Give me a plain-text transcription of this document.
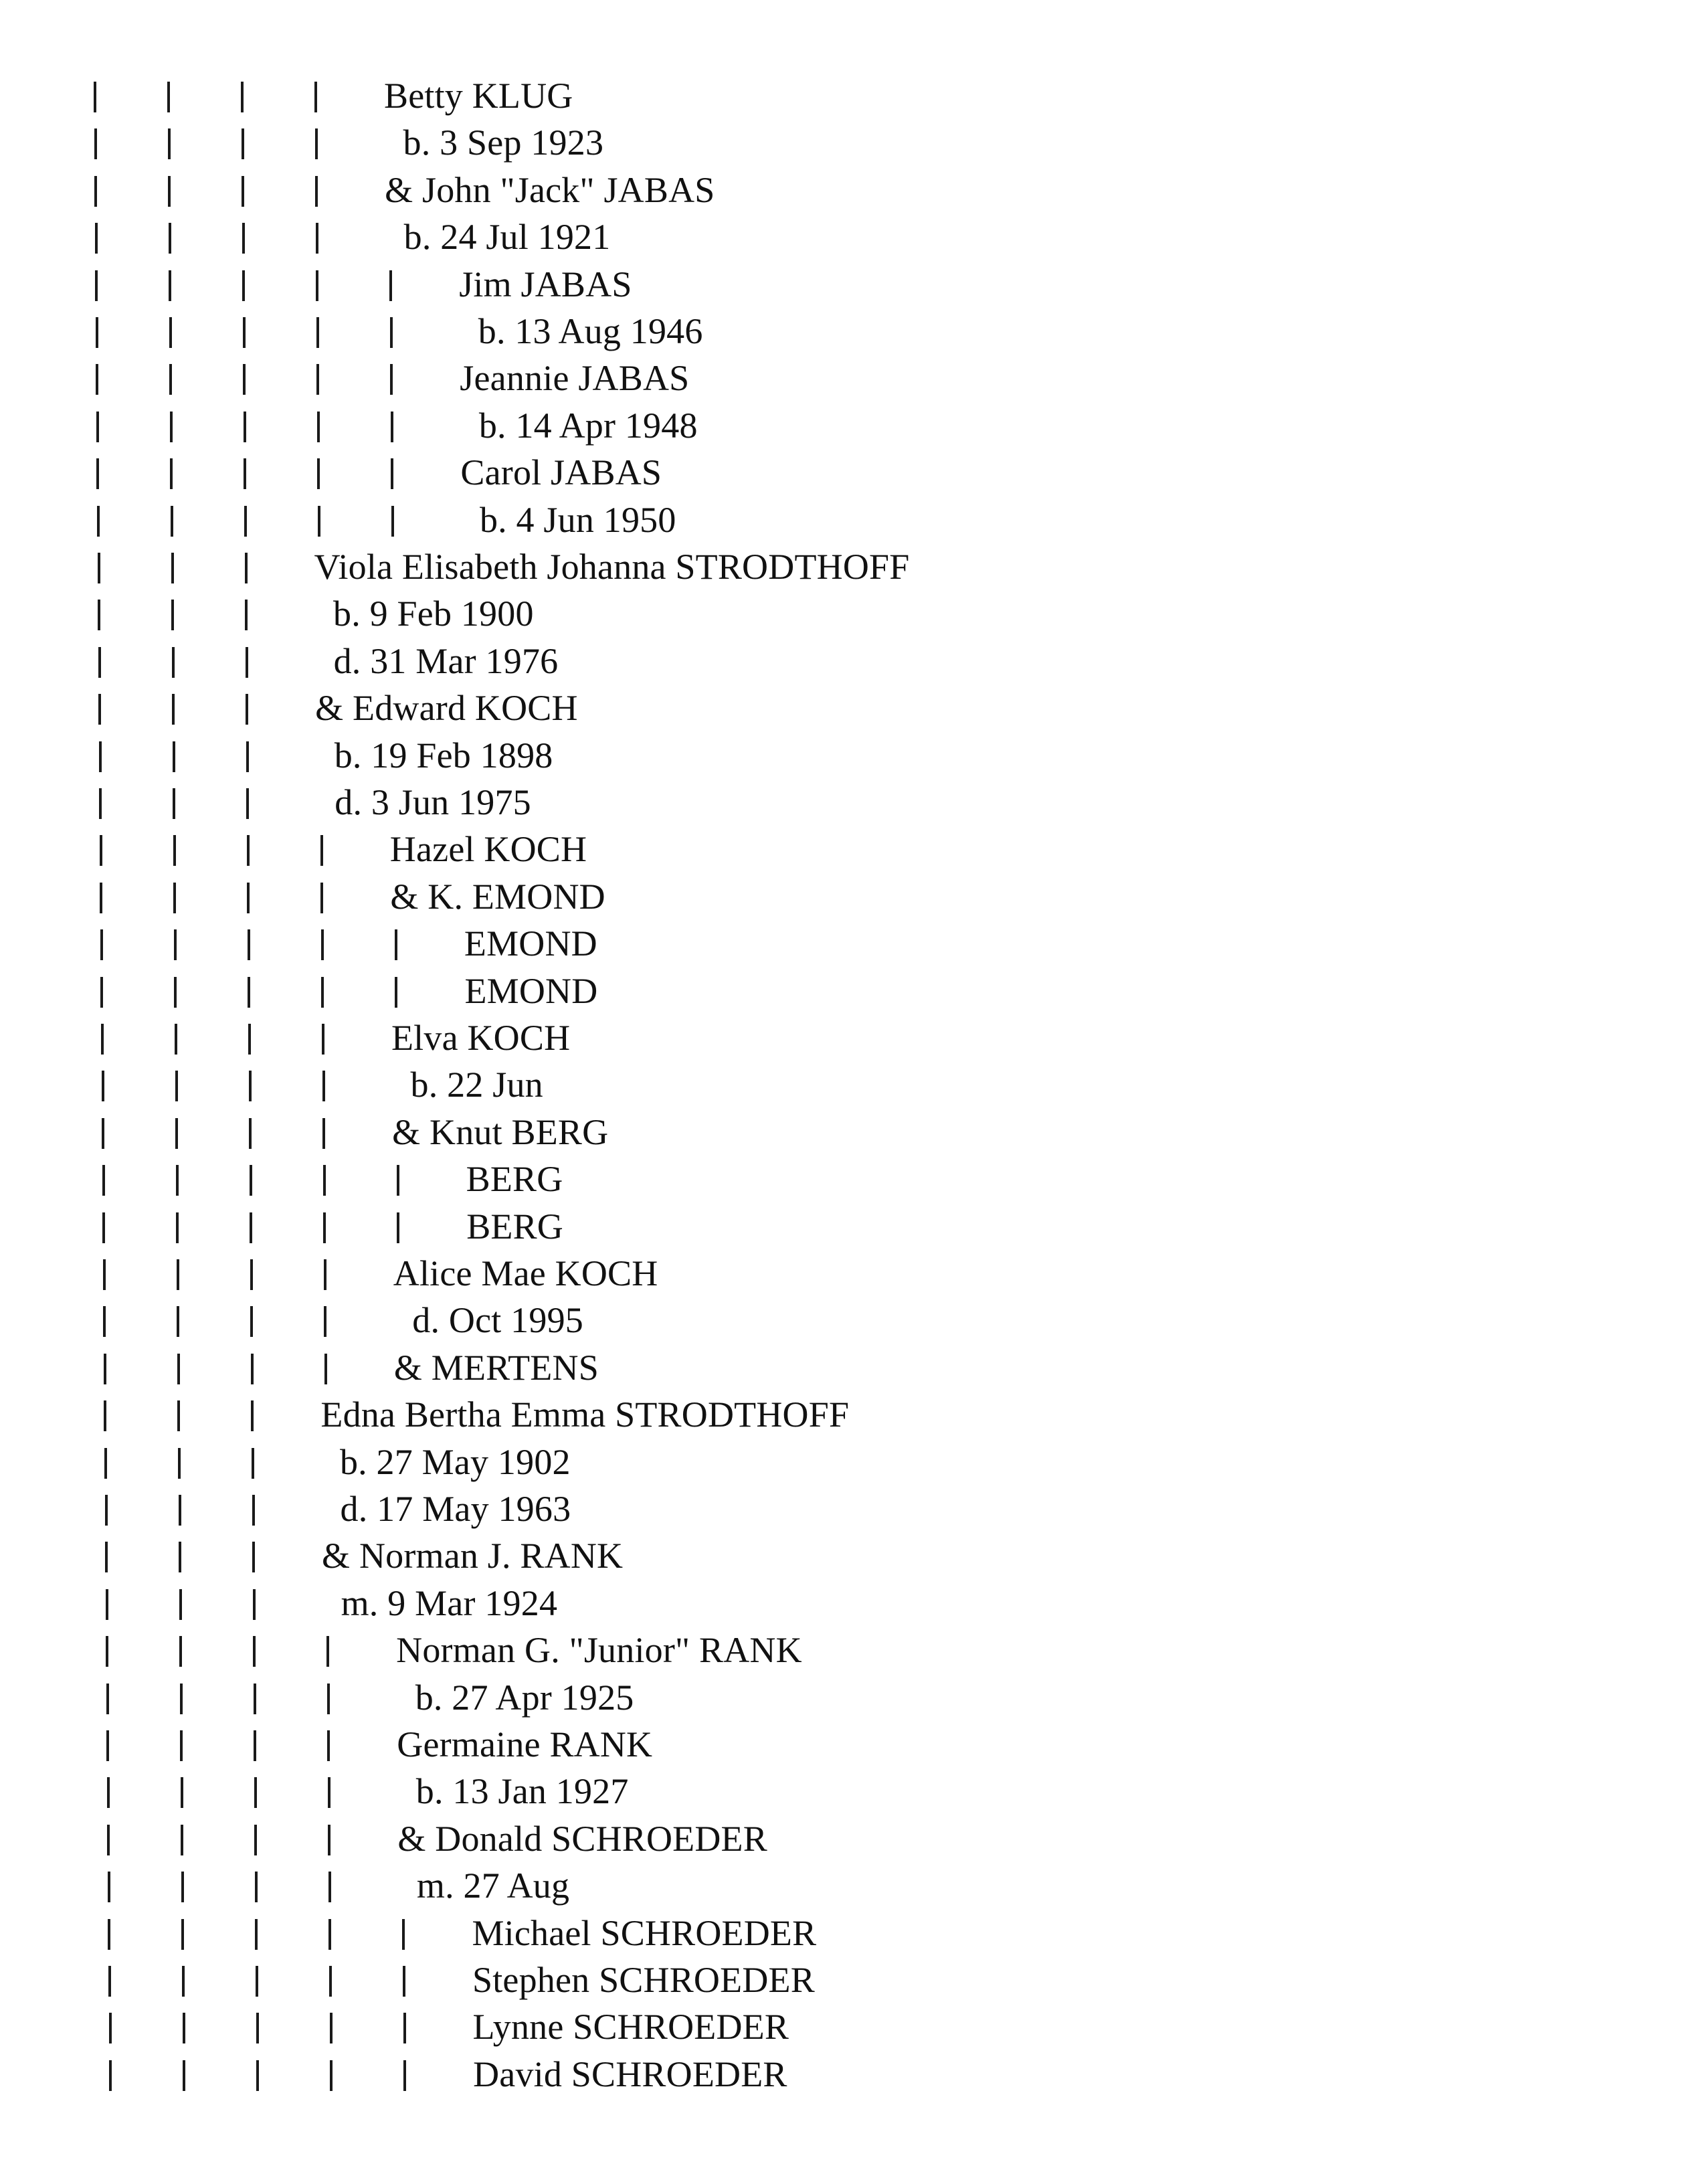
Betty KLUG
b. 3 Sep 1923
& John "Jack" JABAS
b. 24 Jul 1921
Jim JABAS
b. 13 Aug 1946
Jeannie JABAS
b. 14 Apr 1948
Carol JABAS
b. 4 Jun 1950
Viola Elisabeth Johanna STRODTHOFF
b. 9 Feb 1900
d. 31 Mar 1976
& Edward KOCH
b. 19 Feb 1898
d. 3 Jun 1975
Hazel KOCH
& K. EMOND
EMOND
EMOND
Elva KOCH
b. 22 Jun
& Knut BERG
BERG
BERG
Alice Mae KOCH
d. Oct 1995
& MERTENS
Edna Bertha Emma STRODTHOFF
b. 27 May 1902
d. 17 May 1963
& Norman J. RANK
m. 9 Mar 1924
Norman G. "Junior" RANK
b. 27 Apr 1925
Germaine RANK
b. 13 Jan 1927
& Donald SCHROEDER
m. 27 Aug
Michael SCHROEDER
Stephen SCHROEDER
Lynne SCHROEDER
David SCHROEDER
